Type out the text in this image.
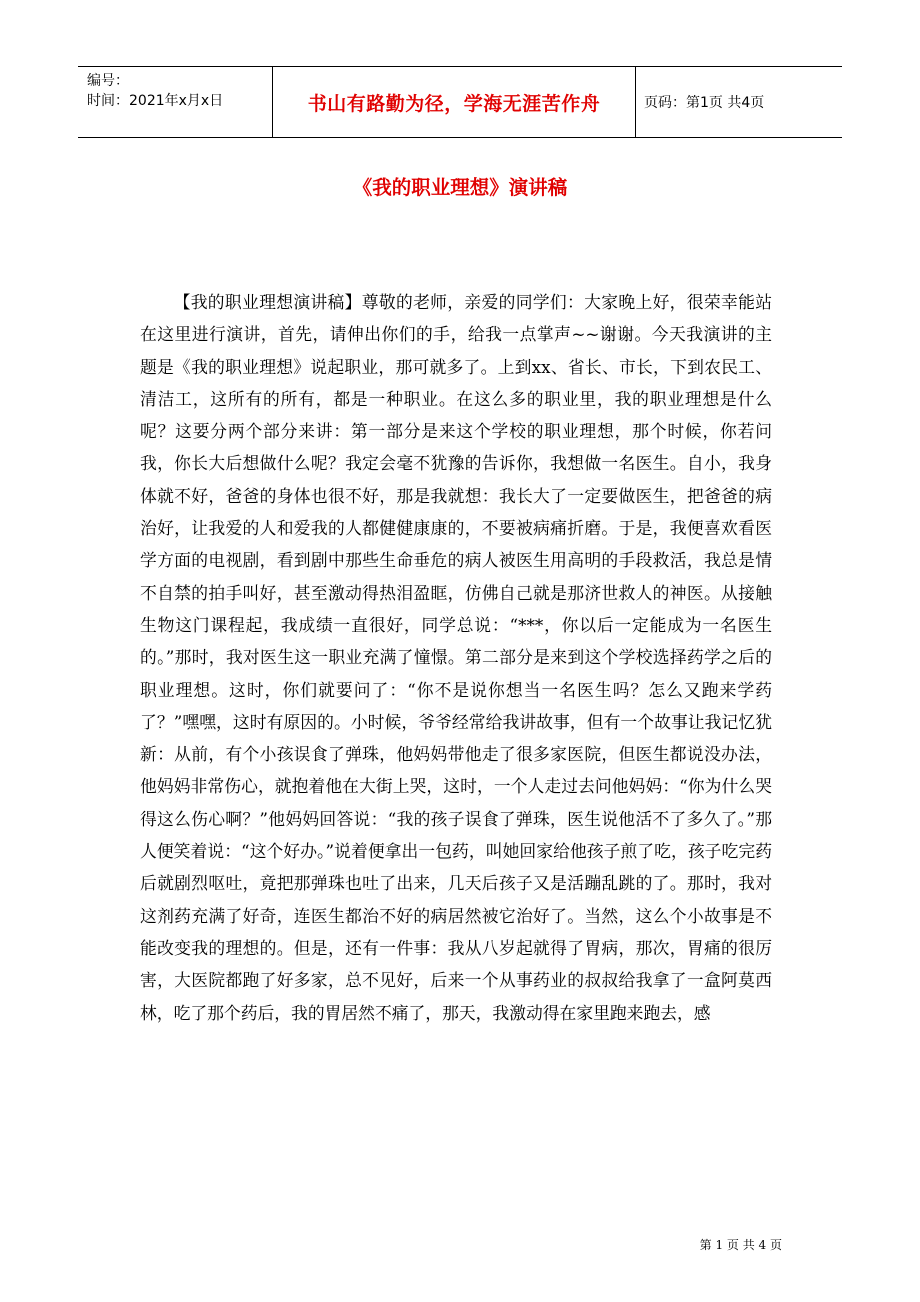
编号：
时间：2021年x月x日	书山有路勤为径，学海无涯苦作舟	页码：第1页 共4页
《我的职业理想》演讲稿

【我的职业理想演讲稿】尊敬的老师，亲爱的同学们：大家晚上好，很荣幸能站在这里进行演讲，首先，请伸出你们的手，给我一点掌声~~谢谢。今天我演讲的主题是《我的职业理想》说起职业，那可就多了。上到xx、省长、市长，下到农民工、清洁工，这所有的所有，都是一种职业。在这么多的职业里，我的职业理想是什么呢？这要分两个部分来讲：第一部分是来这个学校的职业理想，那个时候，你若问我，你长大后想做什么呢？我定会毫不犹豫的告诉你，我想做一名医生。自小，我身体就不好，爸爸的身体也很不好，那是我就想：我长大了一定要做医生，把爸爸的病治好，让我爱的人和爱我的人都健健康康的，不要被病痛折磨。于是，我便喜欢看医学方面的电视剧，看到剧中那些生命垂危的病人被医生用高明的手段救活，我总是情不自禁的拍手叫好，甚至激动得热泪盈眶，仿佛自己就是那济世救人的神医。从接触生物这门课程起，我成绩一直很好，同学总说：“***，你以后一定能成为一名医生的。”那时，我对医生这一职业充满了憧憬。第二部分是来到这个学校选择药学之后的职业理想。这时，你们就要问了：“你不是说你想当一名医生吗？怎么又跑来学药了？”嘿嘿，这时有原因的。小时候，爷爷经常给我讲故事，但有一个故事让我记忆犹新：从前，有个小孩误食了弹珠，他妈妈带他走了很多家医院，但医生都说没办法，他妈妈非常伤心，就抱着他在大街上哭，这时，一个人走过去问他妈妈：“你为什么哭得这么伤心啊？”他妈妈回答说：“我的孩子误食了弹珠，医生说他活不了多久了。”那人便笑着说：“这个好办。”说着便拿出一包药，叫她回家给他孩子煎了吃，孩子吃完药后就剧烈呕吐，竟把那弹珠也吐了出来，几天后孩子又是活蹦乱跳的了。那时，我对这剂药充满了好奇，连医生都治不好的病居然被它治好了。当然，这么个小故事是不能改变我的理想的。但是，还有一件事：我从八岁起就得了胃病，那次，胃痛的很厉害，大医院都跑了好多家，总不见好，后来一个从事药业的叔叔给我拿了一盒阿莫西林，吃了那个药后，我的胃居然不痛了，那天，我激动得在家里跑来跑去，感

第 1 页 共 4 页
